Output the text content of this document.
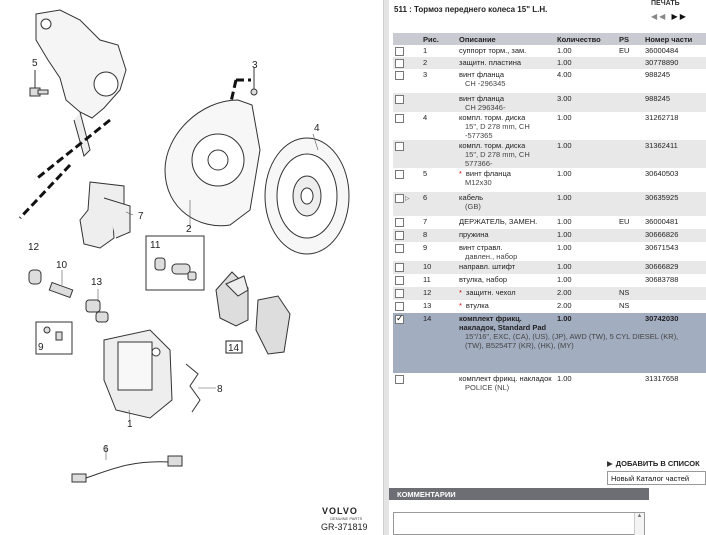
1
2
3
4
5
6
7
8
9
10
11
12
13
14
VOLVO
GENUINE PARTS
GR-371819
511 : Тормоз переднего колеса 15" L.H.
ПЕЧАТЬ
◀◀ ▶▶
	Рис.	Описание	Количество	PS	Номер части
	1	суппорт торм., зам.	1.00	EU	36000484
	2	защитн. пластина	1.00		30778890
	3	винт фланца
CH -296345	4.00		988245
		винт фланца
CH 296346-	3.00		988245
	4	компл. торм. диска
15", D 278 mm, CH -577365	1.00		31262718
		компл. торм. диска
15", D 278 mm, CH 577366-	1.00		31362411
	5	* винт фланца
M12x30	1.00		30640503
▷	6	кабель
(GB)	1.00		30635925
	7	ДЕРЖАТЕЛЬ, ЗАМЕН.	1.00	EU	36000481
	8	пружина	1.00		30666826
	9	винт стравл.
давлен., набор	1.00		30671543
	10	направл. штифт	1.00		30666829
	11	втулка, набор	1.00		30683788
	12	* защитн. чехол	2.00	NS	
	13	* втулка	2.00	NS	
✓	14	комплект фрикц. накладок, Standard Pad
15"/16", EXC, (CA), (US), (JP), AWD (TW), 5 CYL DIESEL (KR), (TW), B5254T7 (KR), (HK), (MY)	1.00		30742030
		комплект фрикц. накладок
POLICE (NL)	1.00		31317658
▶ ДОБАВИТЬ В СПИСОК
Новый Каталог частей
КОММЕНТАРИИ
▲
